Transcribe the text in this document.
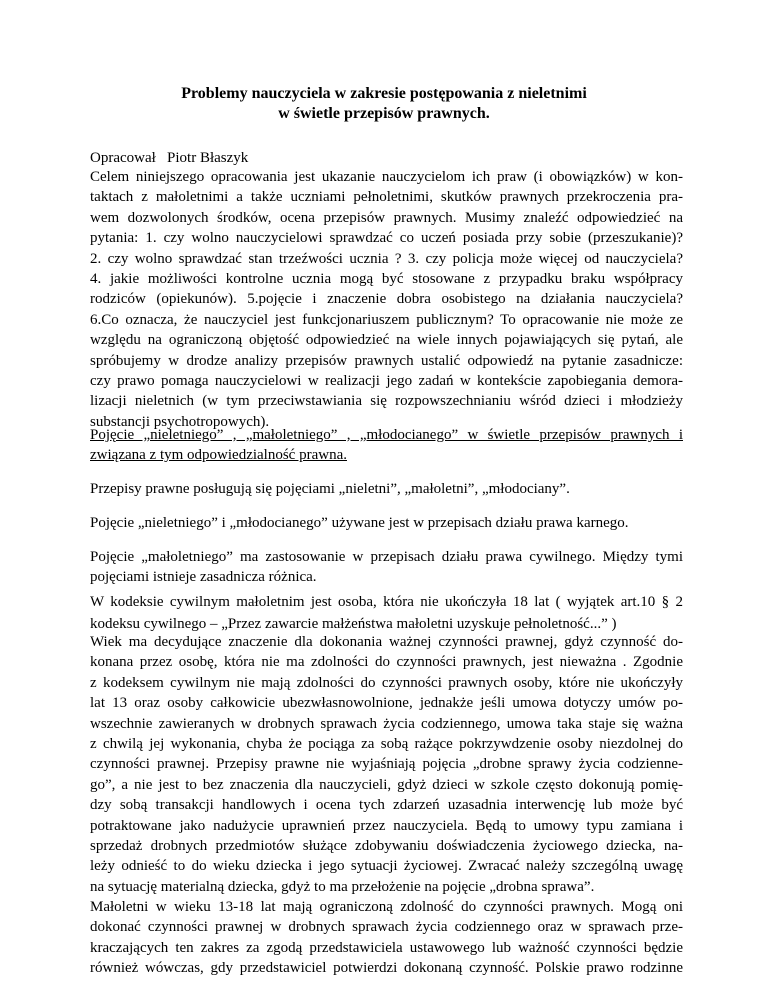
Problemy nauczyciela w zakresie postępowania z nieletnimi
w świetle przepisów prawnych.
Opracował   Piotr Błaszyk
Celem niniejszego opracowania jest ukazanie nauczycielom ich praw (i obowiązków) w kon-
taktach z małoletnimi a także uczniami pełnoletnimi, skutków prawnych przekroczenia pra-
wem dozwolonych środków, ocena przepisów prawnych. Musimy znaleźć odpowiedzieć na
pytania: 1. czy wolno nauczycielowi sprawdzać co uczeń posiada przy sobie (przeszukanie)?
2. czy wolno sprawdzać stan trzeźwości ucznia ? 3. czy policja może więcej od nauczyciela?
4. jakie możliwości kontrolne ucznia mogą być stosowane z przypadku braku współpracy
rodziców (opiekunów). 5.pojęcie i znaczenie dobra osobistego na działania nauczyciela?
6.Co oznacza, że nauczyciel jest funkcjonariuszem publicznym? To opracowanie nie może ze
względu na ograniczoną objętość odpowiedzieć na wiele innych pojawiających się pytań, ale
spróbujemy w drodze analizy przepisów prawnych ustalić odpowiedź na pytanie zasadnicze:
czy prawo pomaga nauczycielowi w realizacji jego zadań w kontekście zapobiegania demora-
lizacji nieletnich (w tym przeciwstawiania się rozpowszechnianiu wśród dzieci i młodzieży
substancji psychotropowych).
Pojęcie „nieletniego” , „małoletniego” , „młodocianego” w świetle przepisów prawnych i
związana z tym odpowiedzialność prawna.
Przepisy prawne posługują się pojęciami „nieletni”, „małoletni”, „młodociany”.
Pojęcie „nieletniego” i „młodocianego” używane jest w przepisach działu prawa karnego.
Pojęcie „małoletniego” ma zastosowanie w przepisach działu prawa cywilnego. Między tymi
pojęciami istnieje zasadnicza różnica.
W kodeksie cywilnym małoletnim jest osoba, która nie ukończyła 18 lat ( wyjątek art.10 § 2
kodeksu cywilnego – „Przez zawarcie małżeństwa małoletni uzyskuje pełnoletność...” )
Wiek ma decydujące znaczenie dla dokonania ważnej czynności prawnej, gdyż czynność do-
konana przez osobę, która nie ma zdolności do czynności prawnych, jest nieważna . Zgodnie
z kodeksem cywilnym nie mają zdolności do czynności prawnych osoby, które nie ukończyły
lat 13 oraz osoby całkowicie ubezwłasnowolnione, jednakże jeśli umowa dotyczy umów po-
wszechnie zawieranych w drobnych sprawach życia codziennego, umowa taka staje się ważna
z chwilą jej wykonania, chyba że pociąga za sobą rażące pokrzywdzenie osoby niezdolnej do
czynności prawnej. Przepisy prawne nie wyjaśniają pojęcia „drobne sprawy życia codzienne-
go”, a nie jest to bez znaczenia dla nauczycieli, gdyż dzieci w szkole często dokonują pomię-
dzy sobą transakcji handlowych i ocena tych zdarzeń uzasadnia interwencję lub może być
potraktowane jako nadużycie uprawnień przez nauczyciela. Będą to umowy typu zamiana i
sprzedaż drobnych przedmiotów służące zdobywaniu doświadczenia życiowego dziecka, na-
leży odnieść to do wieku dziecka i jego sytuacji życiowej. Zwracać należy szczególną uwagę
na sytuację materialną dziecka, gdyż to ma przełożenie na pojęcie „drobna sprawa”.
Małoletni w wieku 13-18 lat mają ograniczoną zdolność do czynności prawnych. Mogą oni
dokonać czynności prawnej w drobnych sprawach życia codziennego oraz w sprawach prze-
kraczających ten zakres za zgodą przedstawiciela ustawowego lub ważność czynności będzie
również wówczas, gdy przedstawiciel potwierdzi dokonaną czynność. Polskie prawo rodzinne
